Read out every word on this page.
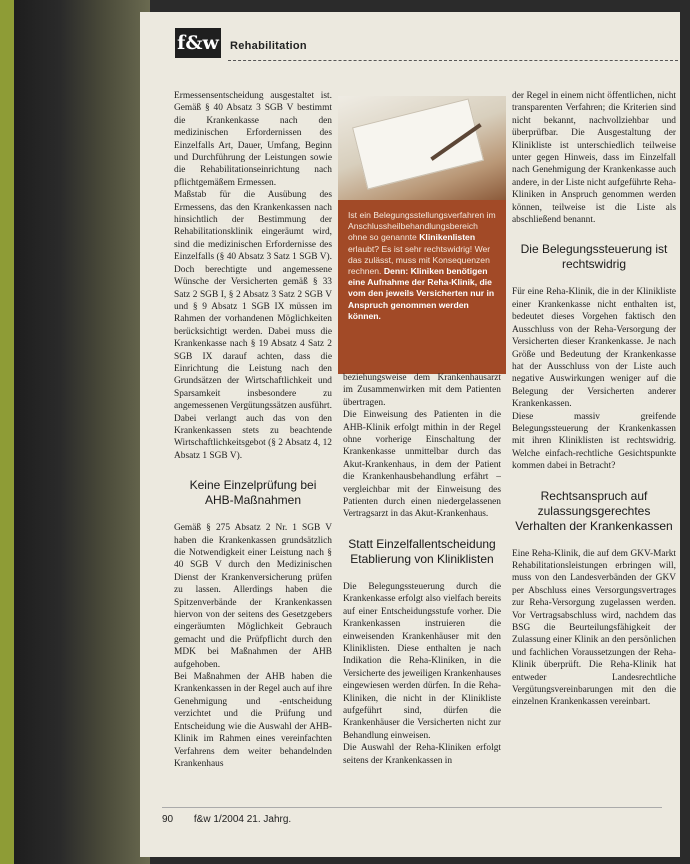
f&w Rehabilitation

Ermessensentscheidung ausgestaltet ist. Gemäß § 40 Absatz 3 SGB V bestimmt die Krankenkasse nach den medizinischen Erfordernissen des Einzelfalls Art, Dauer, Umfang, Beginn und Durchführung der Leistungen sowie die Rehabilitationseinrichtung nach pflichtgemäßem Ermessen.

Maßstab für die Ausübung des Ermessens, das den Krankenkassen nach hinsichtlich der Bestimmung der Rehabilitationsklinik eingeräumt wird, sind die medizinischen Erfordernisse des Einzelfalls (§ 40 Absatz 3 Satz 1 SGB V). Doch berechtigte und angemessene Wünsche der Versicherten gemäß § 33 Satz 2 SGB I, § 2 Absatz 3 Satz 2 SGB V und § 9 Absatz 1 SGB IX müssen im Rahmen der vorhandenen Möglichkeiten berücksichtigt werden. Dabei muss die Krankenkasse nach § 19 Absatz 4 Satz 2 SGB IX darauf achten, dass die Einrichtung die Leistung nach den Grundsätzen der Wirtschaftlichkeit und Sparsamkeit insbesondere zu angemessenen Vergütungssätzen ausführt. Dabei verlangt auch das von den Krankenkassen stets zu beachtende Wirtschaftlichkeitsgebot (§ 2 Absatz 4, 12 Absatz 1 SGB V).

Keine Einzelprüfung bei AHB-Maßnahmen

Gemäß § 275 Absatz 2 Nr. 1 SGB V haben die Krankenkassen grundsätzlich die Notwendigkeit einer Leistung nach § 40 SGB V durch den Medizinischen Dienst der Krankenversicherung prüfen zu lassen. Allerdings haben die Spitzenverbände der Krankenkassen hiervon von der seitens des Gesetzgebers eingeräumten Möglichkeit Gebrauch gemacht und die Prüfpflicht durch den MDK bei Maßnahmen der AHB aufgehoben.

Bei Maßnahmen der AHB haben die Krankenkassen in der Regel auch auf ihre Genehmigung und -entscheidung verzichtet und die Prüfung und Entscheidung wie die Auswahl der AHB-Klinik im Rahmen eines vereinfachten Verfahrens dem weiter behandelnden Krankenhaus

Ist ein Belegungsstellungsverfahren im Anschlussheilbehandlungsbereich ohne so genannte Klinikenlisten erlaubt? Es ist sehr rechtswidrig! Wer das zulässt, muss mit Konsequenzen rechnen. Denn: Kliniken benötigen eine Aufnahme der Reha-Klinik, die vom den jeweils Versicherten nur in Anspruch genommen werden können.

beziehungsweise dem Krankenhausarzt im Zusammenwirken mit dem Patienten übertragen.

Die Einweisung des Patienten in die AHB-Klinik erfolgt mithin in der Regel ohne vorherige Einschaltung der Krankenkasse unmittelbar durch das Akut-Krankenhaus, in dem der Patient die Krankenhausbehandlung erfährt – vergleichbar mit der Einweisung des Patienten durch einen niedergelassenen Vertragsarzt in das Akut-Krankenhaus.

Statt Einzelfallentscheidung Etablierung von Kliniklisten

Die Belegungssteuerung durch die Krankenkasse erfolgt also vielfach bereits auf einer Entscheidungsstufe vorher. Die Krankenkassen instruieren die einweisenden Krankenhäuser mit den Kliniklisten. Diese enthalten je nach Indikation die Reha-Kliniken, in die Versicherte des jeweiligen Krankenhauses eingewiesen werden dürfen. In die Reha-Kliniken, die nicht in der Klinikliste aufgeführt sind, dürfen die Krankenhäuser die Versicherten nicht zur Behandlung einweisen.

Die Auswahl der Reha-Kliniken erfolgt seitens der Krankenkassen in

der Regel in einem nicht öffentlichen, nicht transparenten Verfahren; die Kriterien sind nicht bekannt, nachvollziehbar und überprüfbar. Die Ausgestaltung der Klinikliste ist unterschiedlich teilweise unter gegen Hinweis, dass im Einzelfall nach Genehmigung der Krankenkasse auch andere, in der Liste nicht aufgeführte Reha-Kliniken in Anspruch genommen werden können, teilweise ist die Liste als abschließend benannt.

Die Belegungssteuerung ist rechtswidrig

Für eine Reha-Klinik, die in der Klinikliste einer Krankenkasse nicht enthalten ist, bedeutet dieses Vorgehen faktisch den Ausschluss von der Reha-Versorgung der Versicherten dieser Krankenkasse. Je nach Größe und Bedeutung der Krankenkasse hat der Ausschluss von der Liste auch negative Auswirkungen weniger auf die Belegung der Versicherten anderer Krankenkassen.

Diese massiv greifende Belegungssteuerung der Krankenkassen mit ihren Kliniklisten ist rechtswidrig. Welche einfach-rechtliche Gesichtspunkte kommen dabei in Betracht?

Rechtsanspruch auf zulassungsgerechtes Verhalten der Krankenkassen

Eine Reha-Klinik, die auf dem GKV-Markt Rehabilitationsleistungen erbringen will, muss von den Landesverbänden der GKV per Abschluss eines Versorgungsvertrages zur Reha-Versorgung zugelassen werden. Vor Vertragsabschluss wird, nachdem das BSG die Beurteilungsfähigkeit der Zulassung einer Klinik an den persönlichen und fachlichen Voraussetzungen der Reha-Klinik überprüft. Die Reha-Klinik hat entweder Landesrechtliche Vergütungsvereinbarungen mit den die einzelnen Krankenkassen vereinbart.

90 f&w 1/2004 21. Jahrg.
